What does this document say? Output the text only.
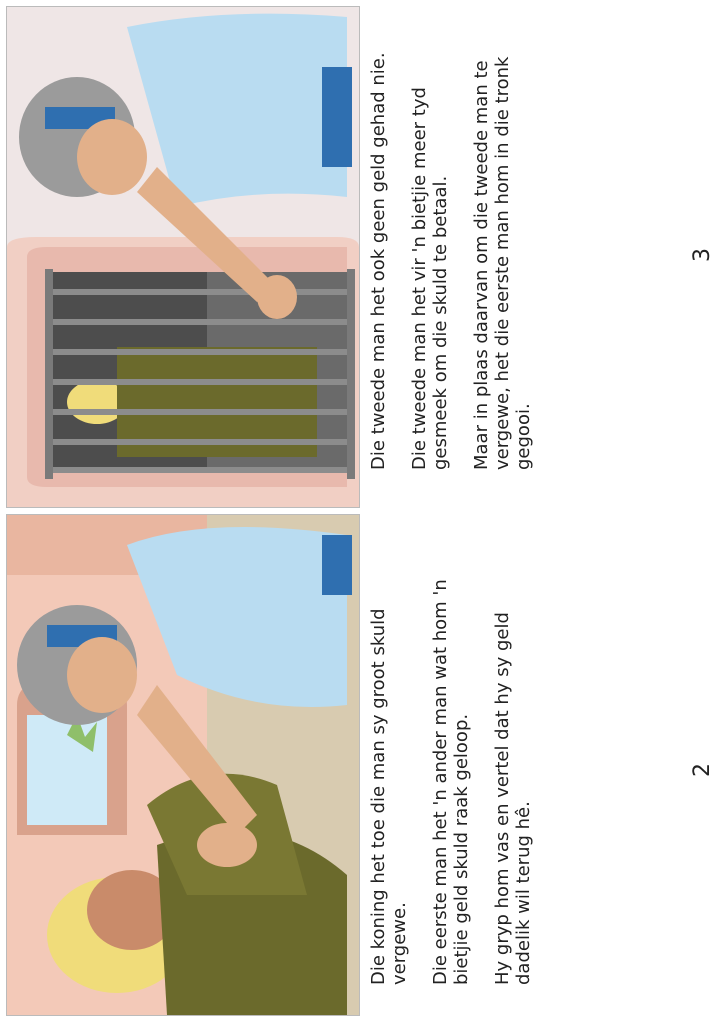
Die koning het toe die man sy groot skuld vergewe. Die eerste man het 'n ander man wat hom 'n bietjie geld skuld raak geloop. Hy gryp hom vas en vertel dat hy sy geld dadelik wil terug hê.

2

Die tweede man het ook geen geld gehad nie. Die tweede man het vir 'n bietjie meer tyd gesmeek om die skuld te betaal. Maar in plaas daarvan om die tweede man te vergewe, het die eerste man hom in die tronk gegooi.

3
